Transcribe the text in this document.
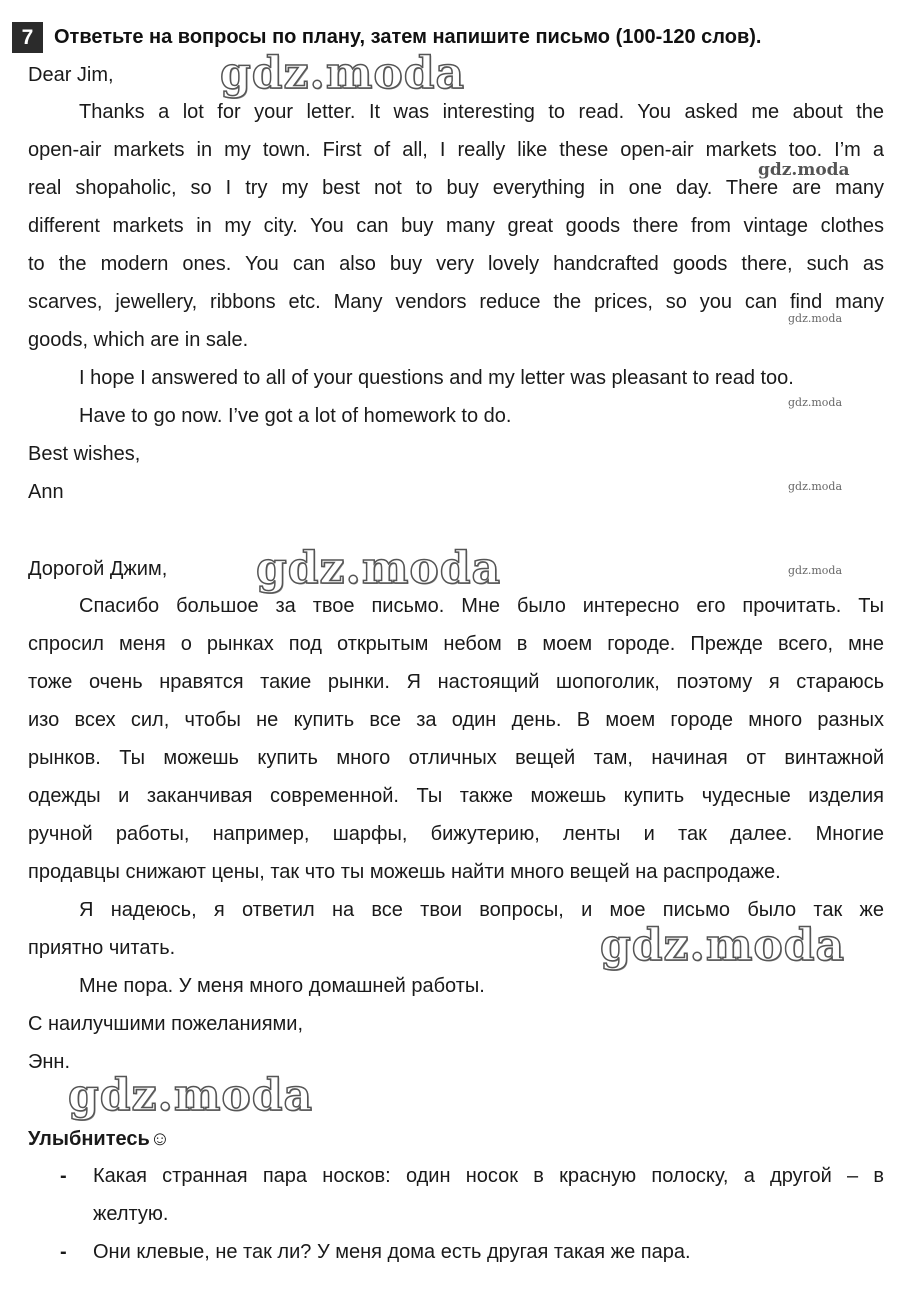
7	Ответьте на вопросы по плану, затем напишите письмо (100-120 слов).
Dear Jim,
Thanks a lot for your letter. It was interesting to read. You asked me about the
open-air markets in my town. First of all, I really like these open-air markets too. I’m a
real shopaholic, so I try my best not to buy everything in one day. There are many
different markets in my city. You can buy many great goods there from vintage clothes
to the modern ones. You can also buy very lovely handcrafted goods there, such as
scarves, jewellery, ribbons etc. Many vendors reduce the prices, so you can find many
goods, which are in sale.
I hope I answered to all of your questions and my letter was pleasant to read too.
Have to go now. I’ve got a lot of homework to do.
Best wishes,
Ann
Дорогой Джим,
Спасибо большое за твое письмо. Мне было интересно его прочитать. Ты
спросил меня о рынках под открытым небом в моем городе. Прежде всего, мне
тоже очень нравятся такие рынки. Я настоящий шопоголик, поэтому я стараюсь
изо всех сил, чтобы не купить все за один день. В моем городе много разных
рынков. Ты можешь купить много отличных вещей там, начиная от винтажной
одежды и заканчивая современной. Ты также можешь купить чудесные изделия
ручной работы, например, шарфы, бижутерию, ленты и так далее. Многие
продавцы снижают цены, так что ты можешь найти много вещей на распродаже.
Я надеюсь, я ответил на все твои вопросы, и мое письмо было так же
приятно читать.
Мне пора. У меня много домашней работы.
С наилучшими пожеланиями,
Энн.
Улыбнитесь☺
- Какая странная пара носков: один носок в красную полоску, а другой – в
желтую.
- Они клевые, не так ли? У меня дома есть другая такая же пара.
gdz.moda
gdz.moda
gdz.moda
gdz.moda
gdz.moda
gdz.moda
gdz.moda
gdz.moda
gdz.moda
